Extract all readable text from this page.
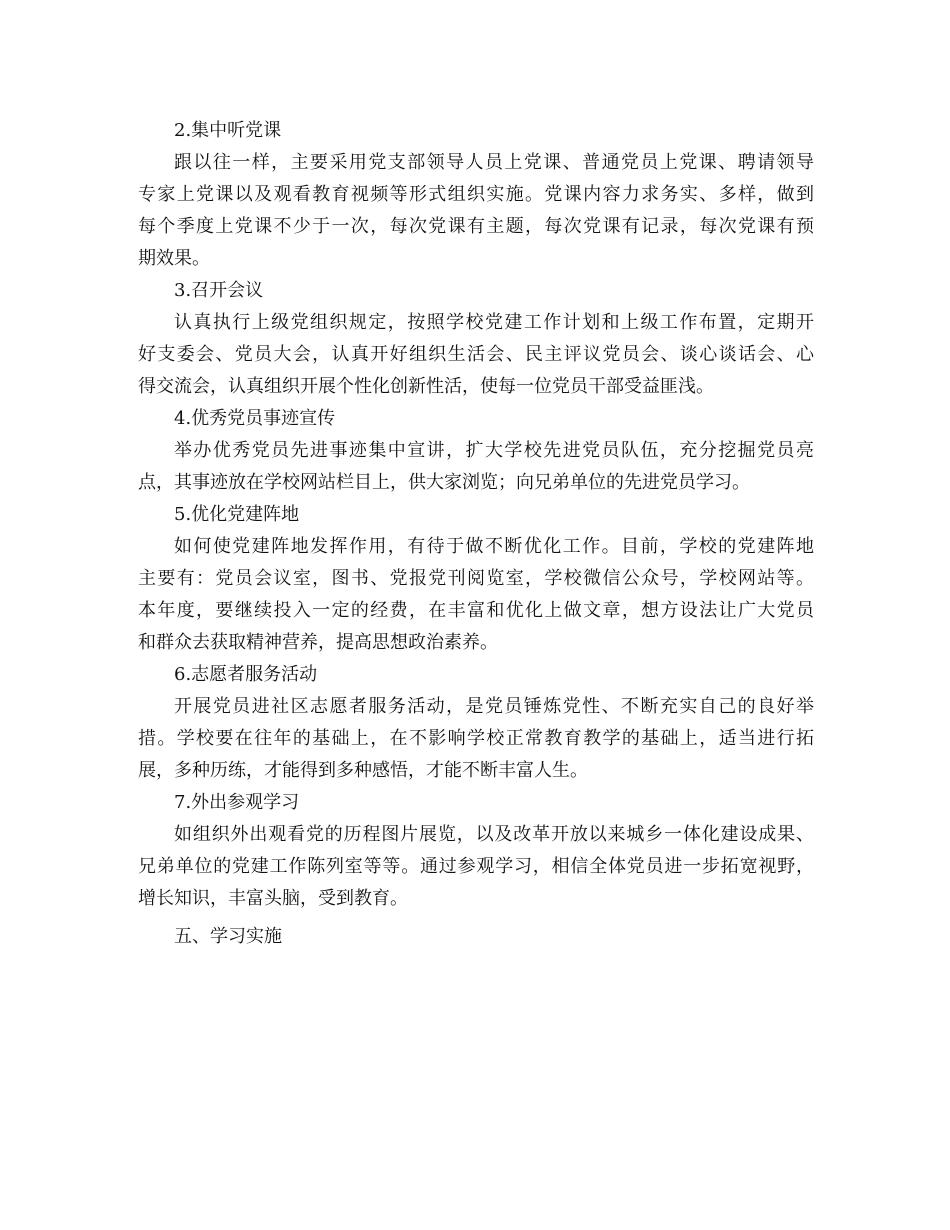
2.集中听党课

跟以往一样，主要采用党支部领导人员上党课、普通党员上党课、聘请领导
专家上党课以及观看教育视频等形式组织实施。党课内容力求务实、多样，做到
每个季度上党课不少于一次，每次党课有主题，每次党课有记录，每次党课有预
期效果。

3.召开会议

认真执行上级党组织规定，按照学校党建工作计划和上级工作布置，定期开
好支委会、党员大会，认真开好组织生活会、民主评议党员会、谈心谈话会、心
得交流会，认真组织开展个性化创新性活，使每一位党员干部受益匪浅。

4.优秀党员事迹宣传

举办优秀党员先进事迹集中宣讲，扩大学校先进党员队伍，充分挖掘党员亮
点，其事迹放在学校网站栏目上，供大家浏览；向兄弟单位的先进党员学习。

5.优化党建阵地

如何使党建阵地发挥作用，有待于做不断优化工作。目前，学校的党建阵地
主要有：党员会议室，图书、党报党刊阅览室，学校微信公众号，学校网站等。
本年度，要继续投入一定的经费，在丰富和优化上做文章，想方设法让广大党员
和群众去获取精神营养，提高思想政治素养。

6.志愿者服务活动

开展党员进社区志愿者服务活动，是党员锤炼党性、不断充实自己的良好举
措。学校要在往年的基础上，在不影响学校正常教育教学的基础上，适当进行拓
展，多种历练，才能得到多种感悟，才能不断丰富人生。

7.外出参观学习

如组织外出观看党的历程图片展览，以及改革开放以来城乡一体化建设成果、
兄弟单位的党建工作陈列室等等。通过参观学习，相信全体党员进一步拓宽视野，
增长知识，丰富头脑，受到教育。

五、学习实施
